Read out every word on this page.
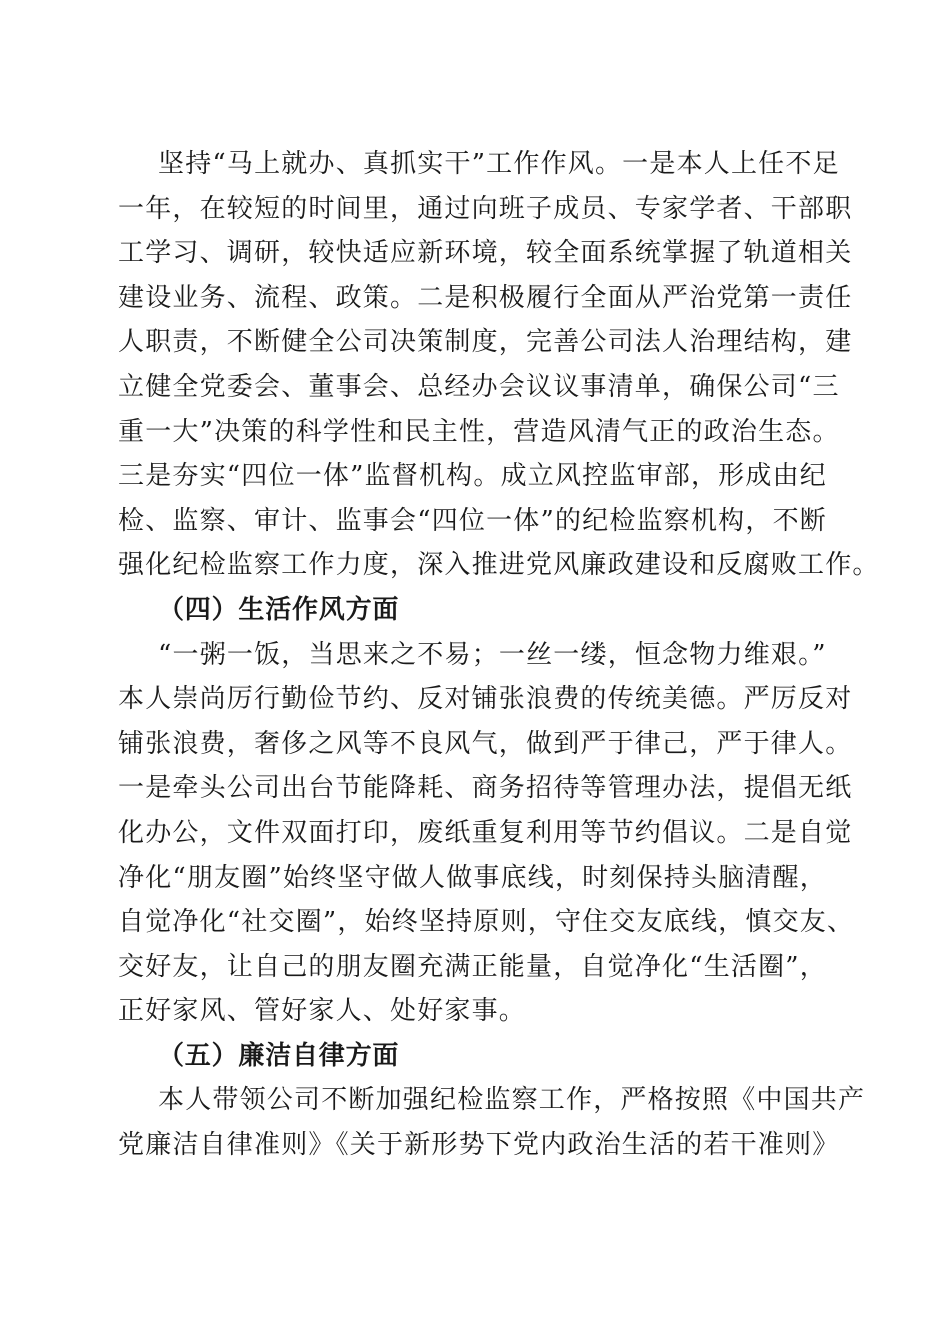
坚持“马上就办、真抓实干”工作作风。一是本人上任不足
一年，在较短的时间里，通过向班子成员、专家学者、干部职
工学习、调研，较快适应新环境，较全面系统掌握了轨道相关
建设业务、流程、政策。二是积极履行全面从严治党第一责任
人职责，不断健全公司决策制度，完善公司法人治理结构，建
立健全党委会、董事会、总经办会议议事清单，确保公司“三
重一大”决策的科学性和民主性，营造风清气正的政治生态。
三是夯实“四位一体”监督机构。成立风控监审部，形成由纪
检、监察、审计、监事会“四位一体”的纪检监察机构，不断
强化纪检监察工作力度，深入推进党风廉政建设和反腐败工作。
（四）生活作风方面
“一粥一饭，当思来之不易；一丝一缕，恒念物力维艰。”
本人崇尚厉行勤俭节约、反对铺张浪费的传统美德。严厉反对
铺张浪费，奢侈之风等不良风气，做到严于律己，严于律人。
一是牵头公司出台节能降耗、商务招待等管理办法，提倡无纸
化办公，文件双面打印，废纸重复利用等节约倡议。二是自觉
净化“朋友圈”始终坚守做人做事底线，时刻保持头脑清醒，
自觉净化“社交圈”，始终坚持原则，守住交友底线，慎交友、
交好友，让自己的朋友圈充满正能量，自觉净化“生活圈”，
正好家风、管好家人、处好家事。
（五）廉洁自律方面
本人带领公司不断加强纪检监察工作，严格按照《中国共产
党廉洁自律准则》《关于新形势下党内政治生活的若干准则》
